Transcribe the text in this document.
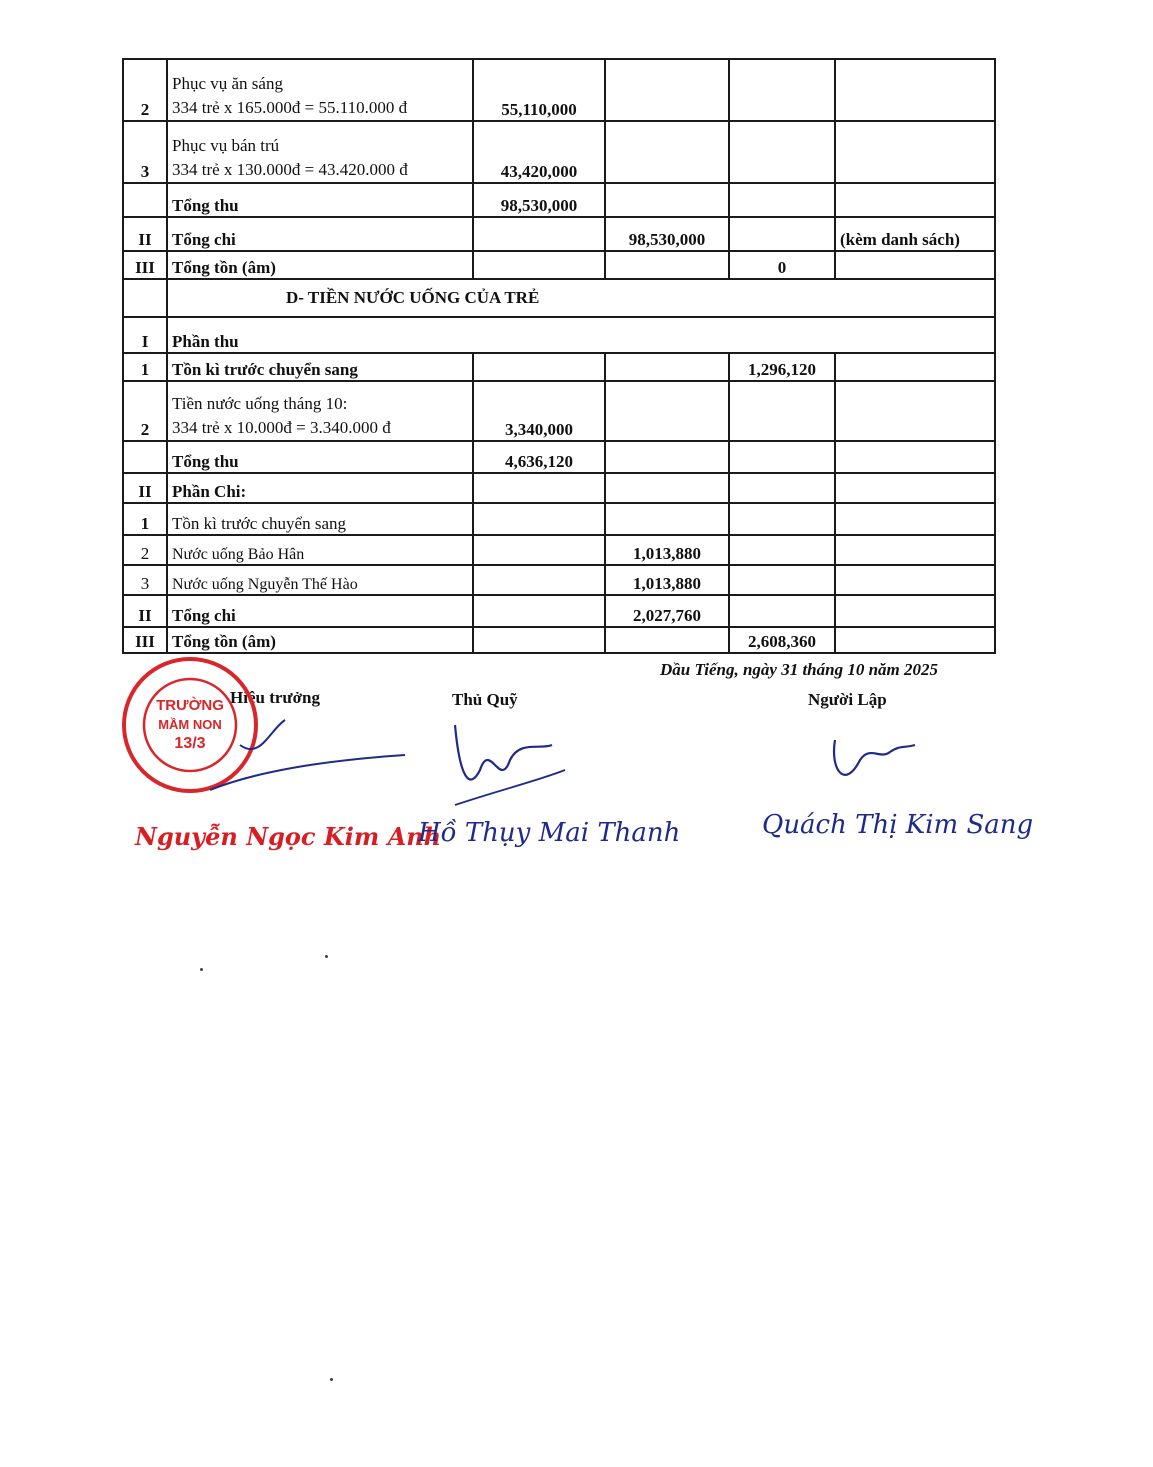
2	Phục vụ ăn sáng
334 trẻ x 165.000đ = 55.110.000 đ	55,110,000			
3	Phục vụ bán trú
334 trẻ x 130.000đ = 43.420.000 đ	43,420,000			
	Tổng thu	98,530,000			
II	Tổng chi		98,530,000		(kèm danh sách)
III	Tổng tồn (âm)			0	
	D- TIỀN NƯỚC UỐNG CỦA TRẺ				
I	Phần thu				
1	Tồn kì trước chuyển sang			1,296,120	
2	Tiền nước uống tháng 10:
334 trẻ x 10.000đ = 3.340.000 đ	3,340,000			
	Tổng thu	4,636,120			
II	Phần Chi:				
1	Tồn kì trước chuyển sang				
2	Nước uống Bảo Hân		1,013,880		
3	Nước uống Nguyễn Thế Hào		1,013,880		
II	Tổng chi		2,027,760		
III	Tổng tồn (âm)			2,608,360	
Dầu Tiếng, ngày 31 tháng 10 năm 2025
Hiệu trưởng	Thủ Quỹ	Người Lập
TRƯỜNG
MẦM NON
13/3
Nguyễn Ngọc Kim Anh
Hồ Thụy Mai Thanh	Quách Thị Kim Sang
